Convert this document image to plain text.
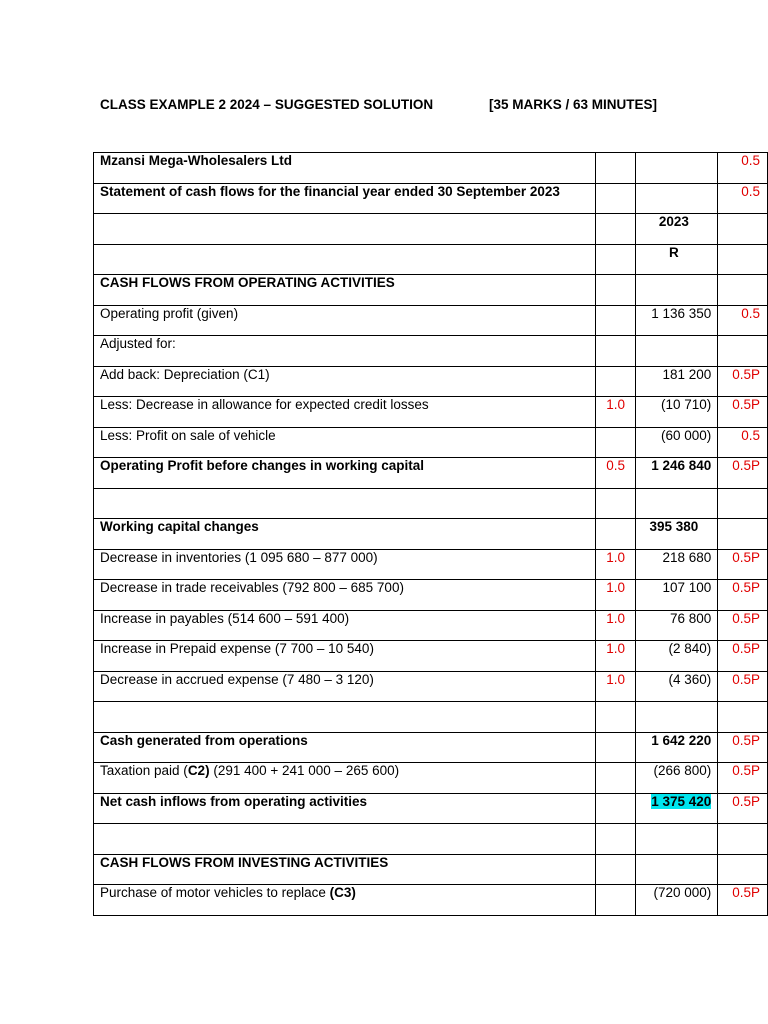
CLASS EXAMPLE 2 2024 – SUGGESTED SOLUTION	[35 MARKS / 63 MINUTES]
Mzansi Mega-Wholesalers Ltd			0.5
Statement of cash flows for the financial year ended 30 September 2023			0.5
		2023	
		R	
CASH FLOWS FROM OPERATING ACTIVITIES			
Operating profit (given)		1 136 350	0.5
Adjusted for:			
Add back: Depreciation (C1)		181 200	0.5P
Less: Decrease in allowance for expected credit losses	1.0	(10 710)	0.5P
Less: Profit on sale of vehicle		(60 000)	0.5
Operating Profit before changes in working capital	0.5	1 246 840	0.5P

Working capital changes		395 380	
Decrease in inventories (1 095 680 – 877 000)	1.0	218 680	0.5P
Decrease in trade receivables (792 800 – 685 700)	1.0	107 100	0.5P
Increase in payables (514 600 – 591 400)	1.0	76 800	0.5P
Increase in Prepaid expense (7 700 – 10 540)	1.0	(2 840)	0.5P
Decrease in accrued expense (7 480 – 3 120)	1.0	(4 360)	0.5P

Cash generated from operations		1 642 220	0.5P
Taxation paid (C2) (291 400 + 241 000 – 265 600)		(266 800)	0.5P
Net cash inflows from operating activities		1 375 420	0.5P

CASH FLOWS FROM INVESTING ACTIVITIES			
Purchase of motor vehicles to replace (C3)		(720 000)	0.5P
